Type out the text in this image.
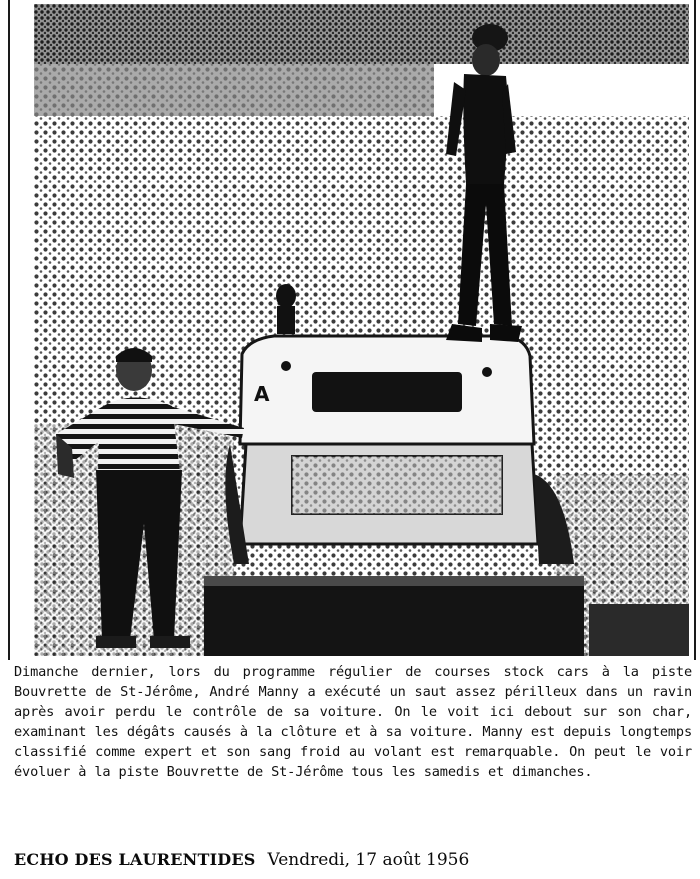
A

Dimanche dernier, lors du programme régulier de courses stock cars à la piste Bouvrette de St-Jérôme, André Manny a exécuté un saut assez périlleux dans un ravin après avoir perdu le contrôle de sa voiture. On le voit ici debout sur son char, examinant les dégâts causés à la clôture et à sa voiture. Manny est depuis longtemps classifié comme expert et son sang froid au volant est remarquable. On peut le voir évoluer à la piste Bouvrette de St-Jérôme tous les samedis et dimanches.

ECHO DES LAURENTIDES Vendredi, 17 août 1956
